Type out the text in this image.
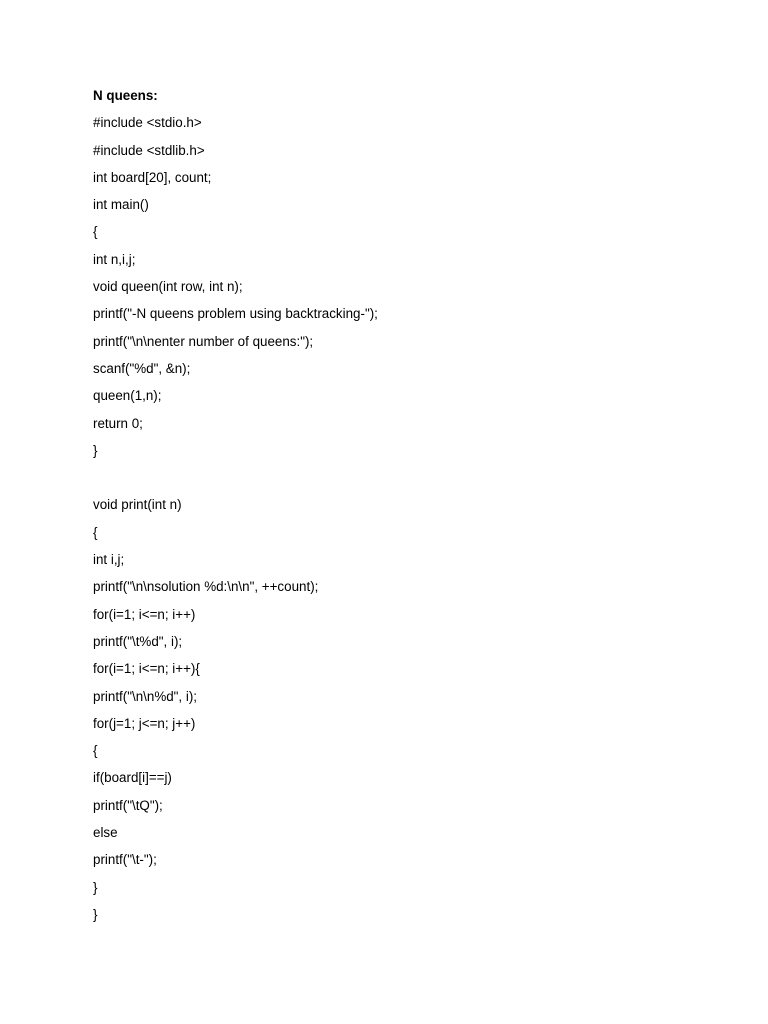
N queens:
#include <stdio.h>
#include <stdlib.h>
int board[20], count;
int main()
{
int n,i,j;
void queen(int row, int n);
printf("-N queens problem using backtracking-");
printf("\n\nenter number of queens:");
scanf("%d", &n);
queen(1,n);
return 0;
}
void print(int n)
{
int i,j;
printf("\n\nsolution %d:\n\n", ++count);
for(i=1; i<=n; i++)
printf("\t%d", i);
for(i=1; i<=n; i++){
printf("\n\n%d", i);
for(j=1; j<=n; j++)
{
if(board[i]==j)
printf("\tQ");
else
printf("\t-");
}
}
